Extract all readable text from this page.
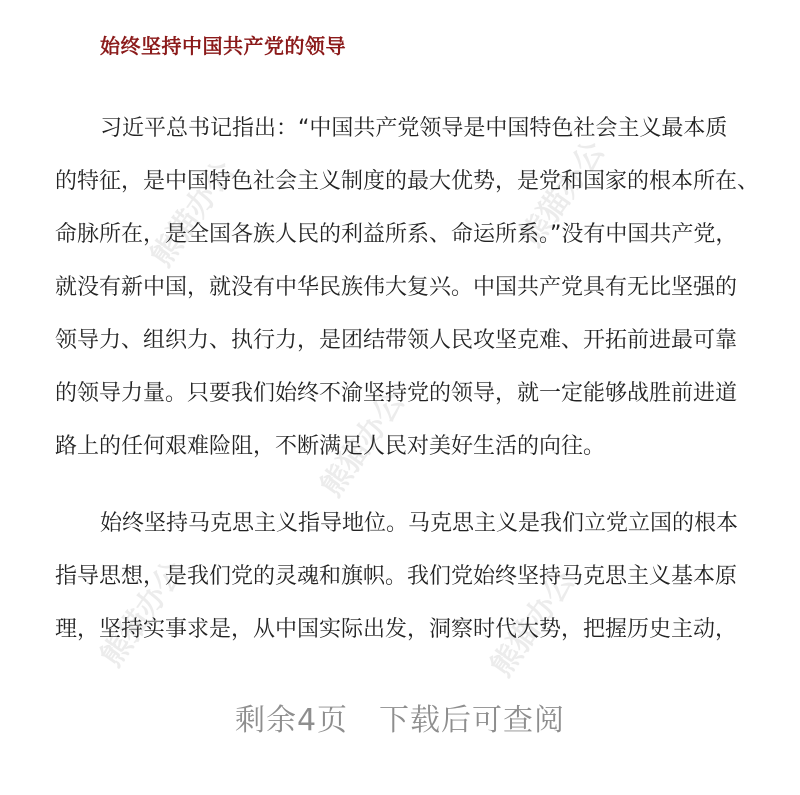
熊猫办公	熊猫办公
熊猫办公
熊猫办公	熊猫办公
始终坚持中国共产党的领导
习近平总书记指出：“中国共产党领导是中国特色社会主义最本质
的特征，是中国特色社会主义制度的最大优势，是党和国家的根本所在、
命脉所在，是全国各族人民的利益所系、命运所系。”没有中国共产党，
就没有新中国，就没有中华民族伟大复兴。中国共产党具有无比坚强的
领导力、组织力、执行力，是团结带领人民攻坚克难、开拓前进最可靠
的领导力量。只要我们始终不渝坚持党的领导，就一定能够战胜前进道
路上的任何艰难险阻，不断满足人民对美好生活的向往。
始终坚持马克思主义指导地位。马克思主义是我们立党立国的根本
指导思想，是我们党的灵魂和旗帜。我们党始终坚持马克思主义基本原
理，坚持实事求是，从中国实际出发，洞察时代大势，把握历史主动，
剩余4页　下载后可查阅
